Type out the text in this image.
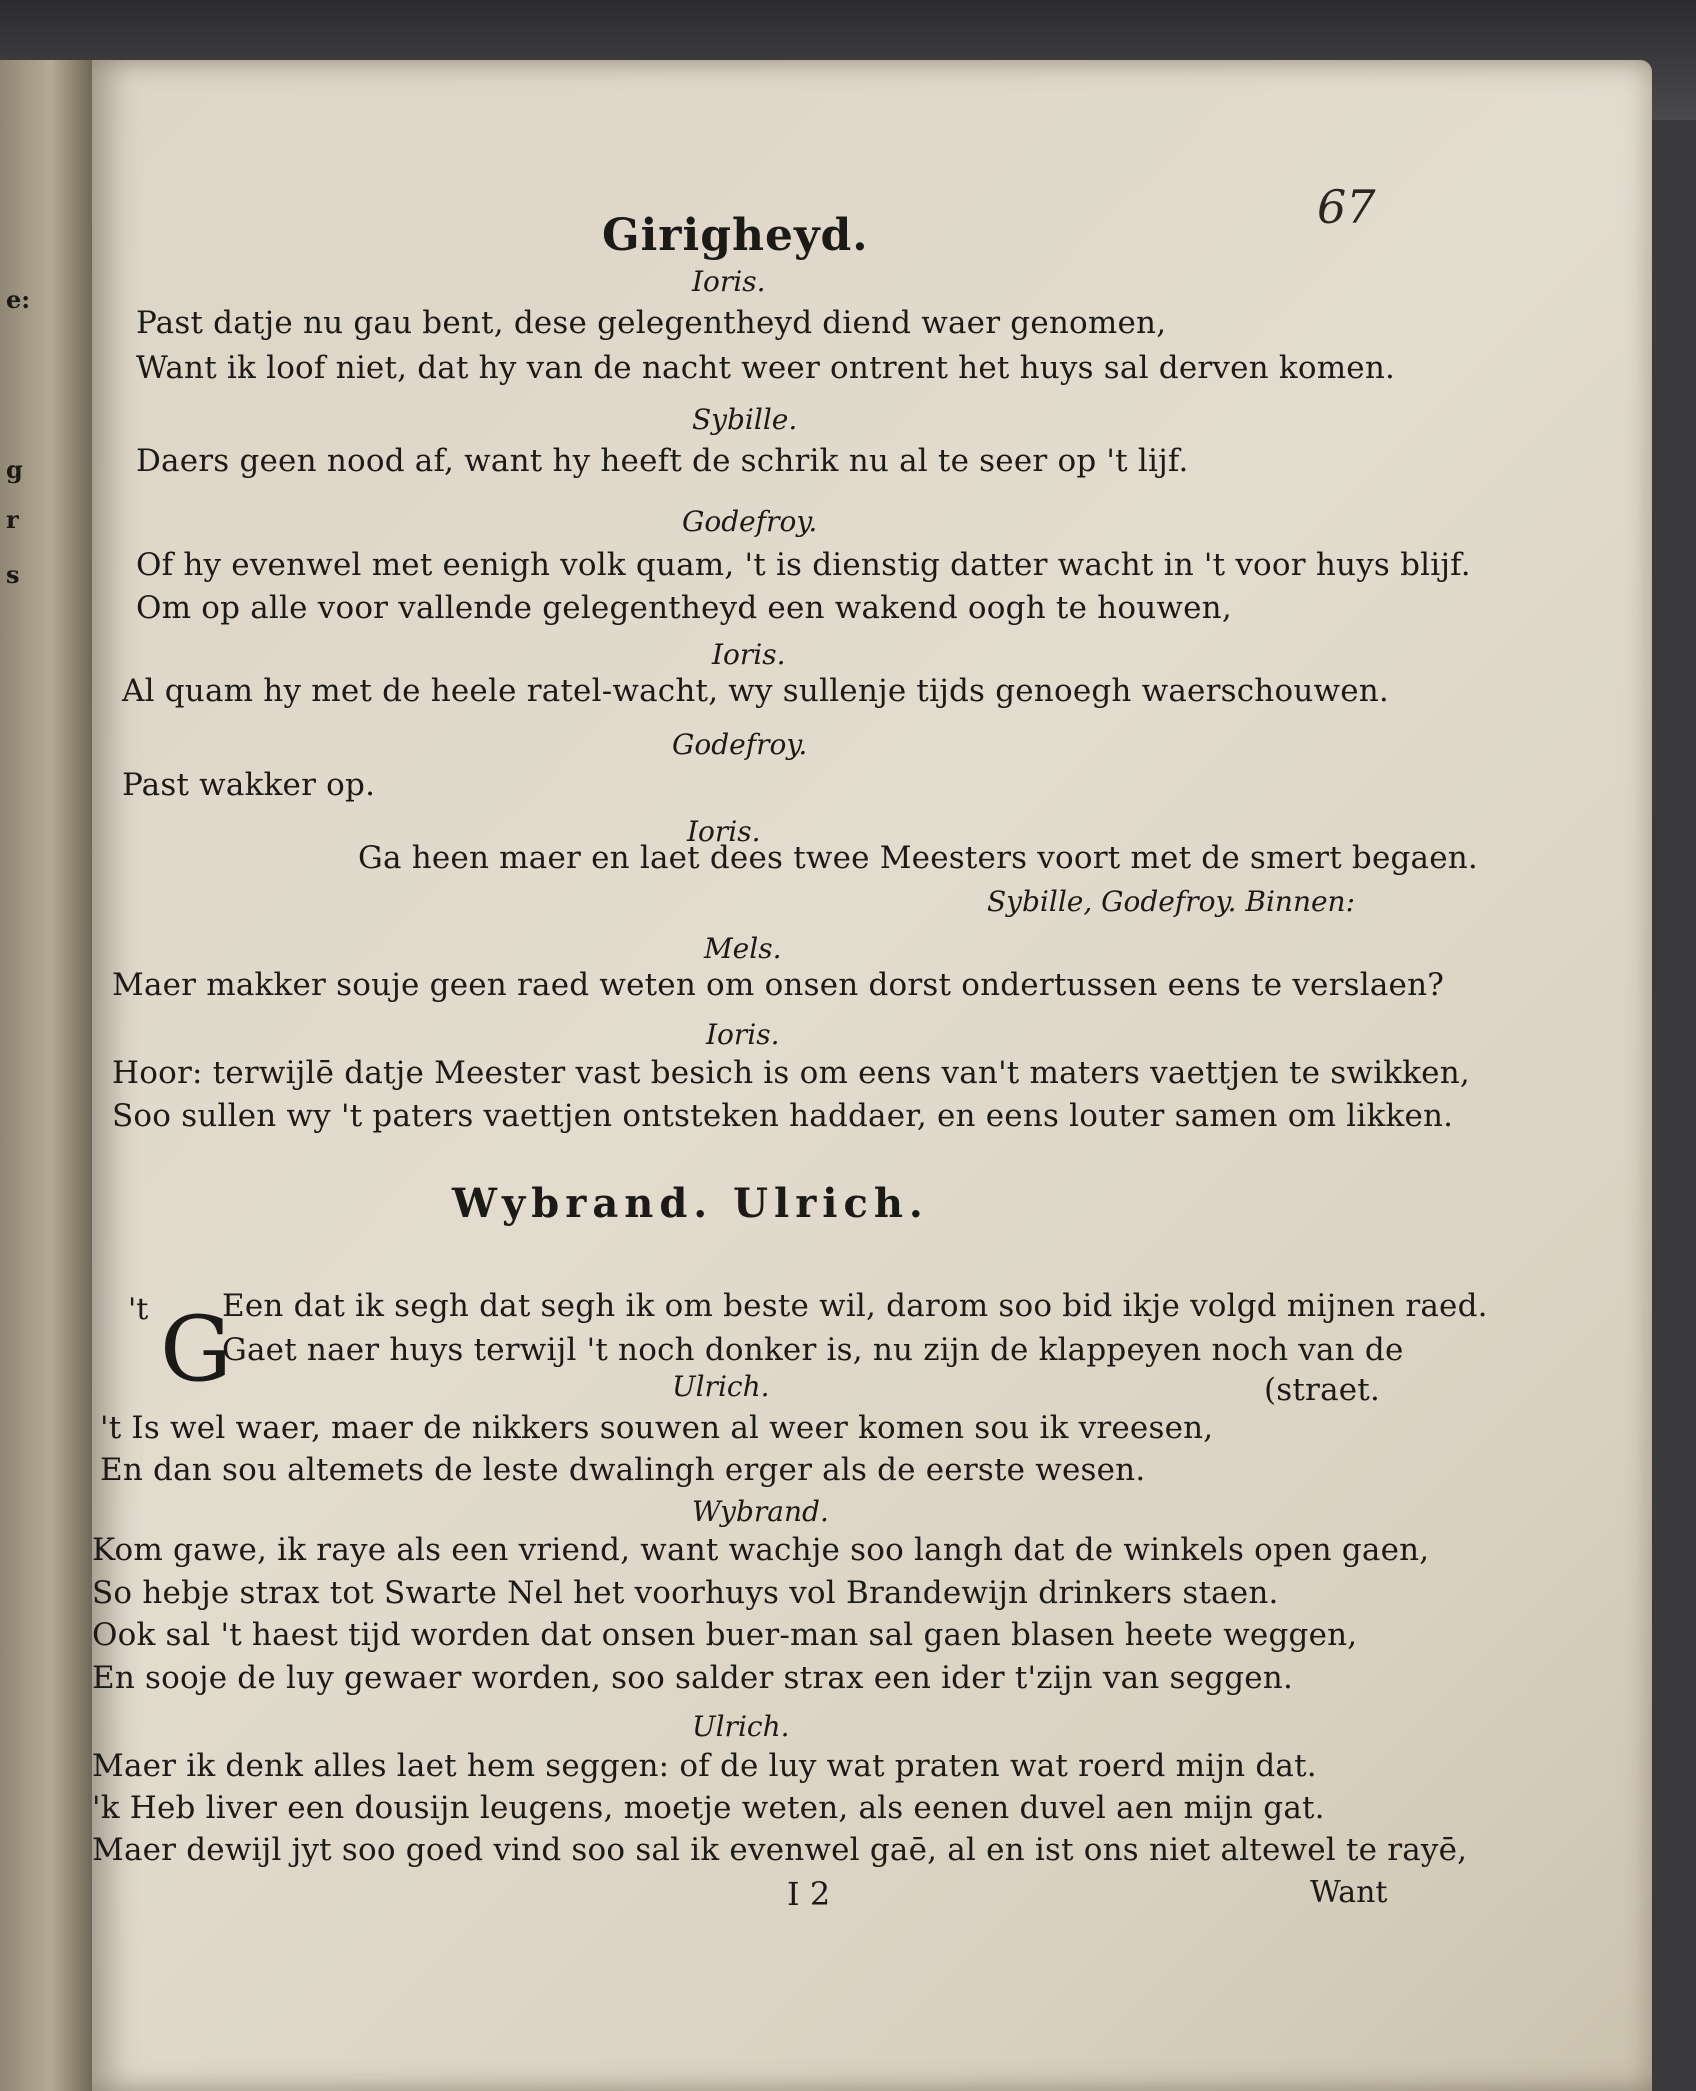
e:
g
r
s
67
Girigheyd.
Ioris.
Past datje nu gau bent, dese gelegentheyd diend waer genomen,
Want ik loof niet, dat hy van de nacht weer ontrent het huys sal derven komen.
Sybille.
Daers geen nood af, want hy heeft de schrik nu al te seer op 't lijf.
Godefroy.
Of hy evenwel met eenigh volk quam, 't is dienstig datter wacht in 't voor huys blijf.
Om op alle voor vallende gelegentheyd een wakend oogh te houwen,
Ioris.
Al quam hy met de heele ratel-wacht, wy sullenje tijds genoegh waerschouwen.
Godefroy.
Past wakker op.
Ioris.
Ga heen maer en laet dees twee Meesters voort met de smert begaen.
Sybille, Godefroy. Binnen:
Mels.
Maer makker souje geen raed weten om onsen dorst ondertussen eens te verslaen?
Ioris.
Hoor: terwijlē datje Meester vast besich is om eens van't maters vaettjen te swikken,
Soo sullen wy 't paters vaettjen ontsteken haddaer, en eens louter samen om likken.
Wybrand. Ulrich.
't G
Een dat ik segh dat segh ik om beste wil, darom soo bid ikje volgd mijnen raed.
Gaet naer huys terwijl 't noch donker is, nu zijn de klappeyen noch van de
Ulrich.	(straet.
't Is wel waer, maer de nikkers souwen al weer komen sou ik vreesen,
En dan sou altemets de leste dwalingh erger als de eerste wesen.
Wybrand.
Kom gawe, ik raye als een vriend, want wachje soo langh dat de winkels open gaen,
So hebje strax tot Swarte Nel het voorhuys vol Brandewijn drinkers staen.
Ook sal 't haest tijd worden dat onsen buer-man sal gaen blasen heete weggen,
En soojе de luy gewaer worden, soo salder strax een ider t'zijn van seggen.
Ulrich.
Maer ik denk alles laet hem seggen: of de luy wat praten wat roerd mijn dat.
'k Heb liver een dousijn leugens, moetje weten, als eenen duvel aen mijn gat.
Maer dewijl jyt soo goed vind soo sal ik evenwel gaē, al en ist ons niet altewel te rayē,
I 2	Want
